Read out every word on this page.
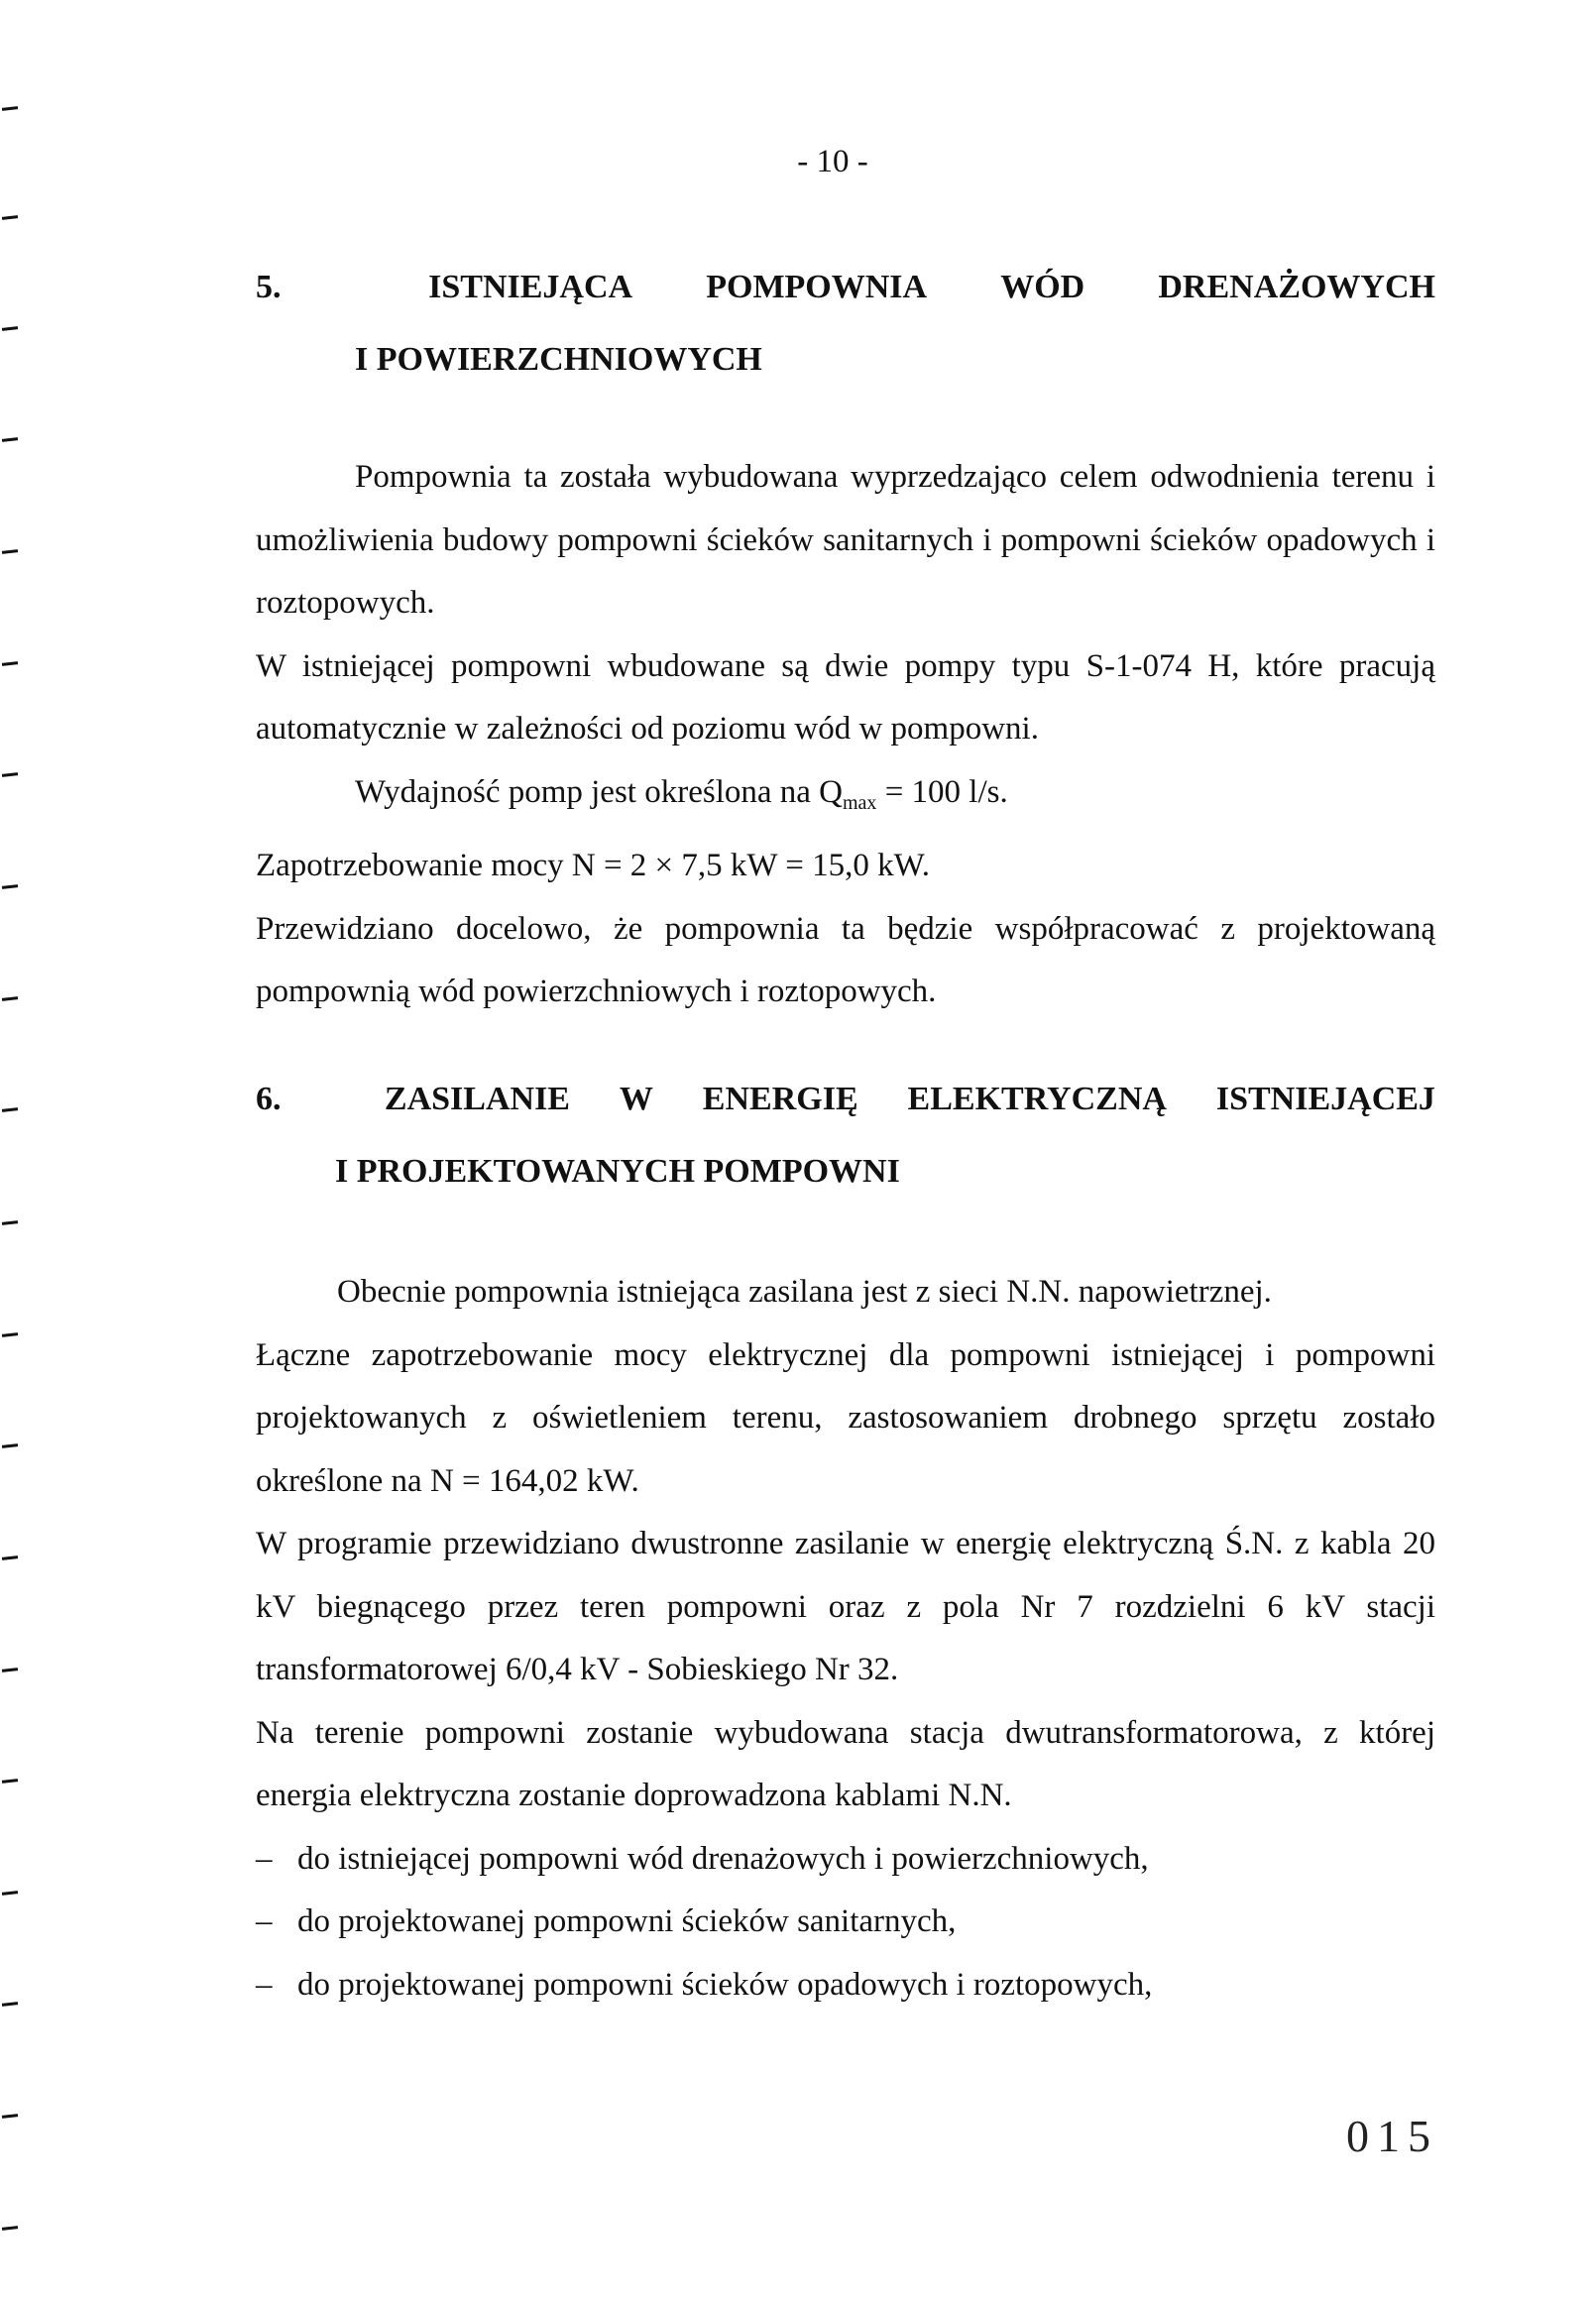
- 10 -
5.	ISTNIEJĄCA POMPOWNIA WÓD DRENAŻOWYCH
I POWIERZCHNIOWYCH

Pompownia ta została wybudowana wyprzedzająco celem odwodnienia terenu i umożliwienia budowy pompowni ścieków sanitarnych i pompowni ścieków opadowych i roztopowych.

W istniejącej pompowni wbudowane są dwie pompy typu S-1-074 H, które pracują automatycznie w zależności od poziomu wód w pompowni.

Wydajność pomp jest określona na $Q_{max} = 100$ l/s.

Zapotrzebowanie mocy N = 2 × 7,5 kW = 15,0 kW.

Przewidziano docelowo, że pompownia ta będzie współpracować z projektowaną pompownią wód powierzchniowych i roztopowych.

6.	ZASILANIE W ENERGIĘ ELEKTRYCZNĄ ISTNIEJĄCEJ
I PROJEKTOWANYCH POMPOWNI

Obecnie pompownia istniejąca zasilana jest z sieci N.N. napowietrznej.

Łączne zapotrzebowanie mocy elektrycznej dla pompowni istniejącej i pompowni projektowanych z oświetleniem terenu, zastosowaniem drobnego sprzętu zostało określone na N = 164,02 kW.

W programie przewidziano dwustronne zasilanie w energię elektryczną Ś.N. z kabla 20 kV biegnącego przez teren pompowni oraz z pola Nr 7 rozdzielni 6 kV stacji transformatorowej 6/0,4 kV - Sobieskiego Nr 32.

Na terenie pompowni zostanie wybudowana stacja dwutransformatorowa, z której energia elektryczna zostanie doprowadzona kablami N.N.

– do istniejącej pompowni wód drenażowych i powierzchniowych,
– do projektowanej pompowni ścieków sanitarnych,
– do projektowanej pompowni ścieków opadowych i roztopowych,
015
